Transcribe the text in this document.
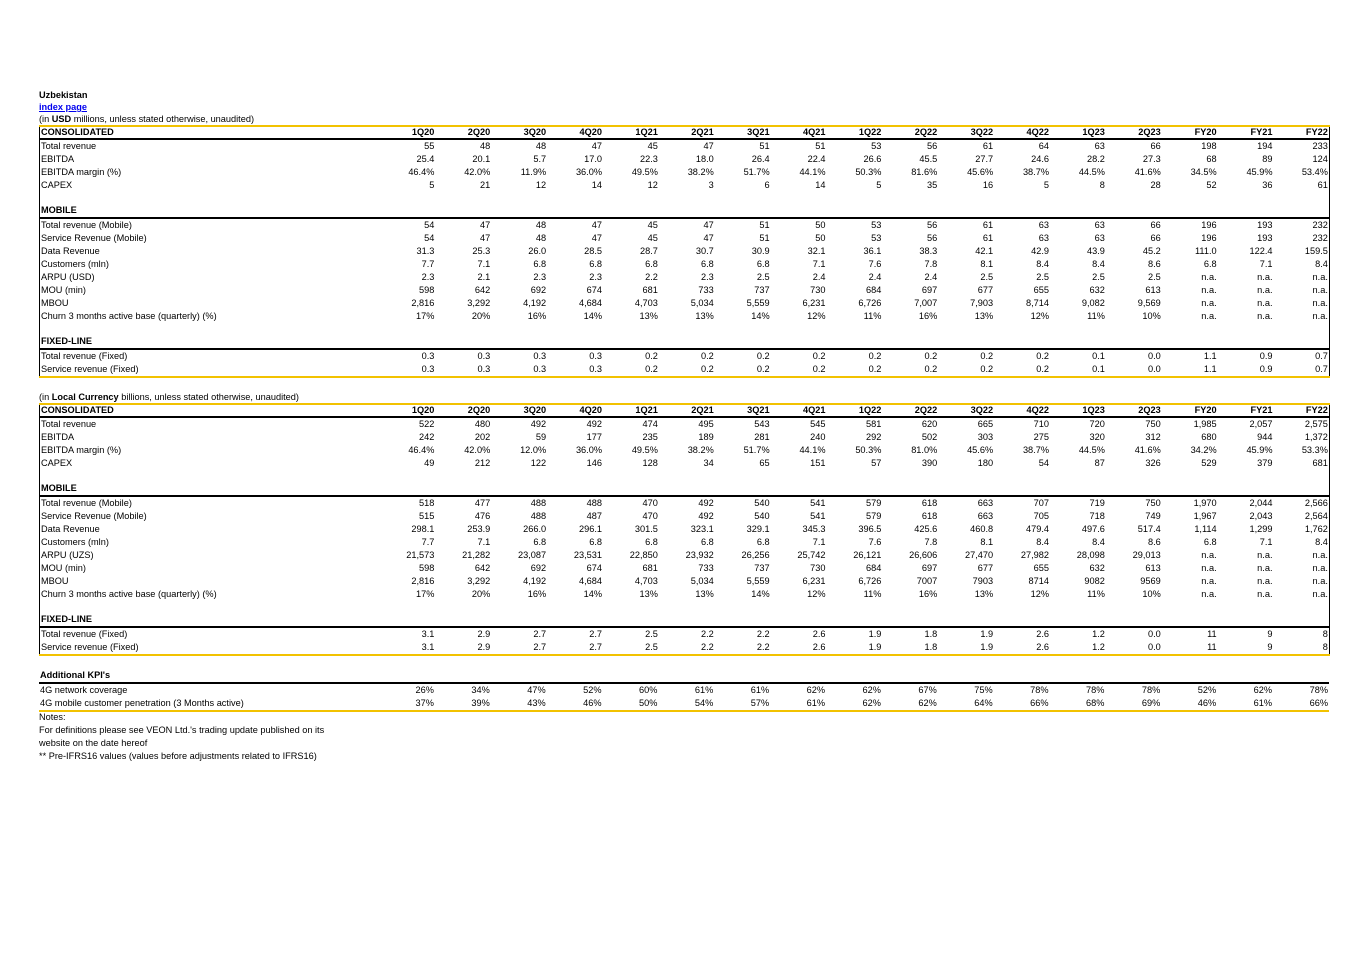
Uzbekistan
index page
(in USD millions, unless stated otherwise, unaudited)
CONSOLIDATED	1Q20	2Q20	3Q20	4Q20	1Q21	2Q21	3Q21	4Q21	1Q22	2Q22	3Q22	4Q22	1Q23	2Q23	FY20	FY21	FY22
Total revenue	55	48	48	47	45	47	51	51	53	56	61	64	63	66	198	194	233
EBITDA	25.4	20.1	5.7	17.0	22.3	18.0	26.4	22.4	26.6	45.5	27.7	24.6	28.2	27.3	68	89	124
EBITDA margin (%)	46.4%	42.0%	11.9%	36.0%	49.5%	38.2%	51.7%	44.1%	50.3%	81.6%	45.6%	38.7%	44.5%	41.6%	34.5%	45.9%	53.4%
CAPEX	5	21	12	14	12	3	6	14	5	35	16	5	8	28	52	36	61

MOBILE																	
Total revenue (Mobile)	54	47	48	47	45	47	51	50	53	56	61	63	63	66	196	193	232
Service Revenue (Mobile)	54	47	48	47	45	47	51	50	53	56	61	63	63	66	196	193	232
Data Revenue	31.3	25.3	26.0	28.5	28.7	30.7	30.9	32.1	36.1	38.3	42.1	42.9	43.9	45.2	111.0	122.4	159.5
Customers (mln)	7.7	7.1	6.8	6.8	6.8	6.8	6.8	7.1	7.6	7.8	8.1	8.4	8.4	8.6	6.8	7.1	8.4
ARPU (USD)	2.3	2.1	2.3	2.3	2.2	2.3	2.5	2.4	2.4	2.4	2.5	2.5	2.5	2.5	n.a.	n.a.	n.a.
MOU (min)	598	642	692	674	681	733	737	730	684	697	677	655	632	613	n.a.	n.a.	n.a.
MBOU	2,816	3,292	4,192	4,684	4,703	5,034	5,559	6,231	6,726	7,007	7,903	8,714	9,082	9,569	n.a.	n.a.	n.a.
Churn 3 months active base (quarterly) (%)	17%	20%	16%	14%	13%	13%	14%	12%	11%	16%	13%	12%	11%	10%	n.a.	n.a.	n.a.

FIXED-LINE																	
Total revenue (Fixed)	0.3	0.3	0.3	0.3	0.2	0.2	0.2	0.2	0.2	0.2	0.2	0.2	0.1	0.0	1.1	0.9	0.7
Service revenue (Fixed)	0.3	0.3	0.3	0.3	0.2	0.2	0.2	0.2	0.2	0.2	0.2	0.2	0.1	0.0	1.1	0.9	0.7
(in Local Currency billions, unless stated otherwise, unaudited)
CONSOLIDATED	1Q20	2Q20	3Q20	4Q20	1Q21	2Q21	3Q21	4Q21	1Q22	2Q22	3Q22	4Q22	1Q23	2Q23	FY20	FY21	FY22
Total revenue	522	480	492	492	474	495	543	545	581	620	665	710	720	750	1,985	2,057	2,575
EBITDA	242	202	59	177	235	189	281	240	292	502	303	275	320	312	680	944	1,372
EBITDA margin (%)	46.4%	42.0%	12.0%	36.0%	49.5%	38.2%	51.7%	44.1%	50.3%	81.0%	45.6%	38.7%	44.5%	41.6%	34.2%	45.9%	53.3%
CAPEX	49	212	122	146	128	34	65	151	57	390	180	54	87	326	529	379	681

MOBILE																	
Total revenue (Mobile)	518	477	488	488	470	492	540	541	579	618	663	707	719	750	1,970	2,044	2,566
Service Revenue (Mobile)	515	476	488	487	470	492	540	541	579	618	663	705	718	749	1,967	2,043	2,564
Data Revenue	298.1	253.9	266.0	296.1	301.5	323.1	329.1	345.3	396.5	425.6	460.8	479.4	497.6	517.4	1,114	1,299	1,762
Customers (mln)	7.7	7.1	6.8	6.8	6.8	6.8	6.8	7.1	7.6	7.8	8.1	8.4	8.4	8.6	6.8	7.1	8.4
ARPU (UZS)	21,573	21,282	23,087	23,531	22,850	23,932	26,256	25,742	26,121	26,606	27,470	27,982	28,098	29,013	n.a.	n.a.	n.a.
MOU (min)	598	642	692	674	681	733	737	730	684	697	677	655	632	613	n.a.	n.a.	n.a.
MBOU	2,816	3,292	4,192	4,684	4,703	5,034	5,559	6,231	6,726	7007	7903	8714	9082	9569	n.a.	n.a.	n.a.
Churn 3 months active base (quarterly) (%)	17%	20%	16%	14%	13%	13%	14%	12%	11%	16%	13%	12%	11%	10%	n.a.	n.a.	n.a.

FIXED-LINE																	
Total revenue (Fixed)	3.1	2.9	2.7	2.7	2.5	2.2	2.2	2.6	1.9	1.8	1.9	2.6	1.2	0.0	11	9	8
Service revenue (Fixed)	3.1	2.9	2.7	2.7	2.5	2.2	2.2	2.6	1.9	1.8	1.9	2.6	1.2	0.0	11	9	8
Additional KPI's																	
4G network coverage	26%	34%	47%	52%	60%	61%	61%	62%	62%	67%	75%	78%	78%	78%	52%	62%	78%
4G mobile customer penetration (3 Months active)	37%	39%	43%	46%	50%	54%	57%	61%	62%	62%	64%	66%	68%	69%	46%	61%	66%
Notes:
For definitions please see VEON Ltd.'s trading update published on its
website on the date hereof
** Pre-IFRS16 values (values before adjustments related to IFRS16)
